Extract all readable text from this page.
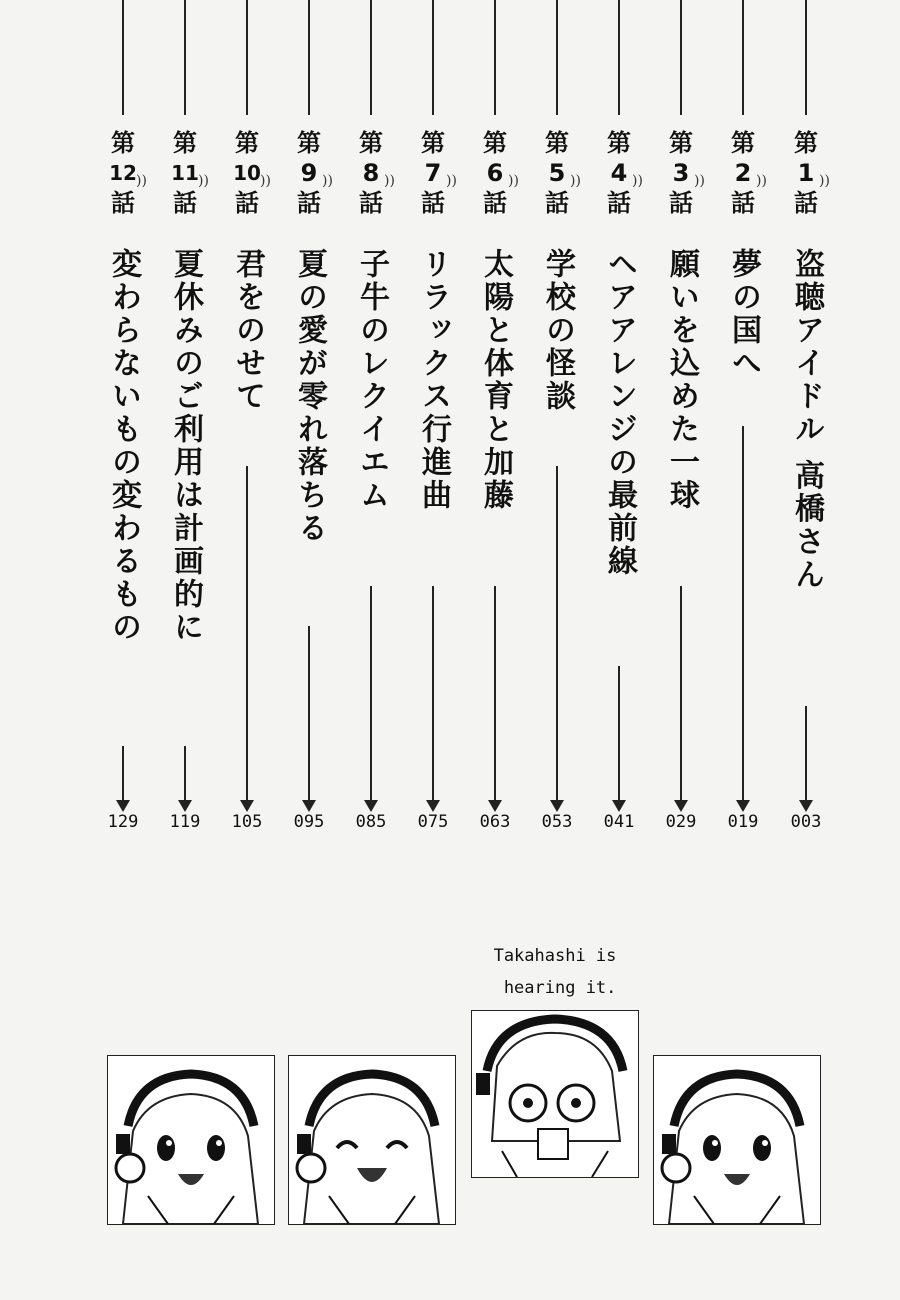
第
1 ))
話
盗聴アイドル 高橋さん
003
第
2 ))
話
夢の国へ
019
第
3 ))
話
願いを込めた一球
029
第
4 ))
話
ヘアアレンジの最前線
041
第
5 ))
話
学校の怪談
053
第
6 ))
話
太陽と体育と加藤
063
第
7 ))
話
リラックス行進曲
075
第
8 ))
話
子牛のレクイエム
085
第
9 ))
話
夏の愛が零れ落ちる
095
第
10 ))
話
君をのせて
105
第
11 ))
話
夏休みのご利用は計画的に
119
第
12 ))
話
変わらないもの変わるもの
129
Takahashi is
hearing it.
